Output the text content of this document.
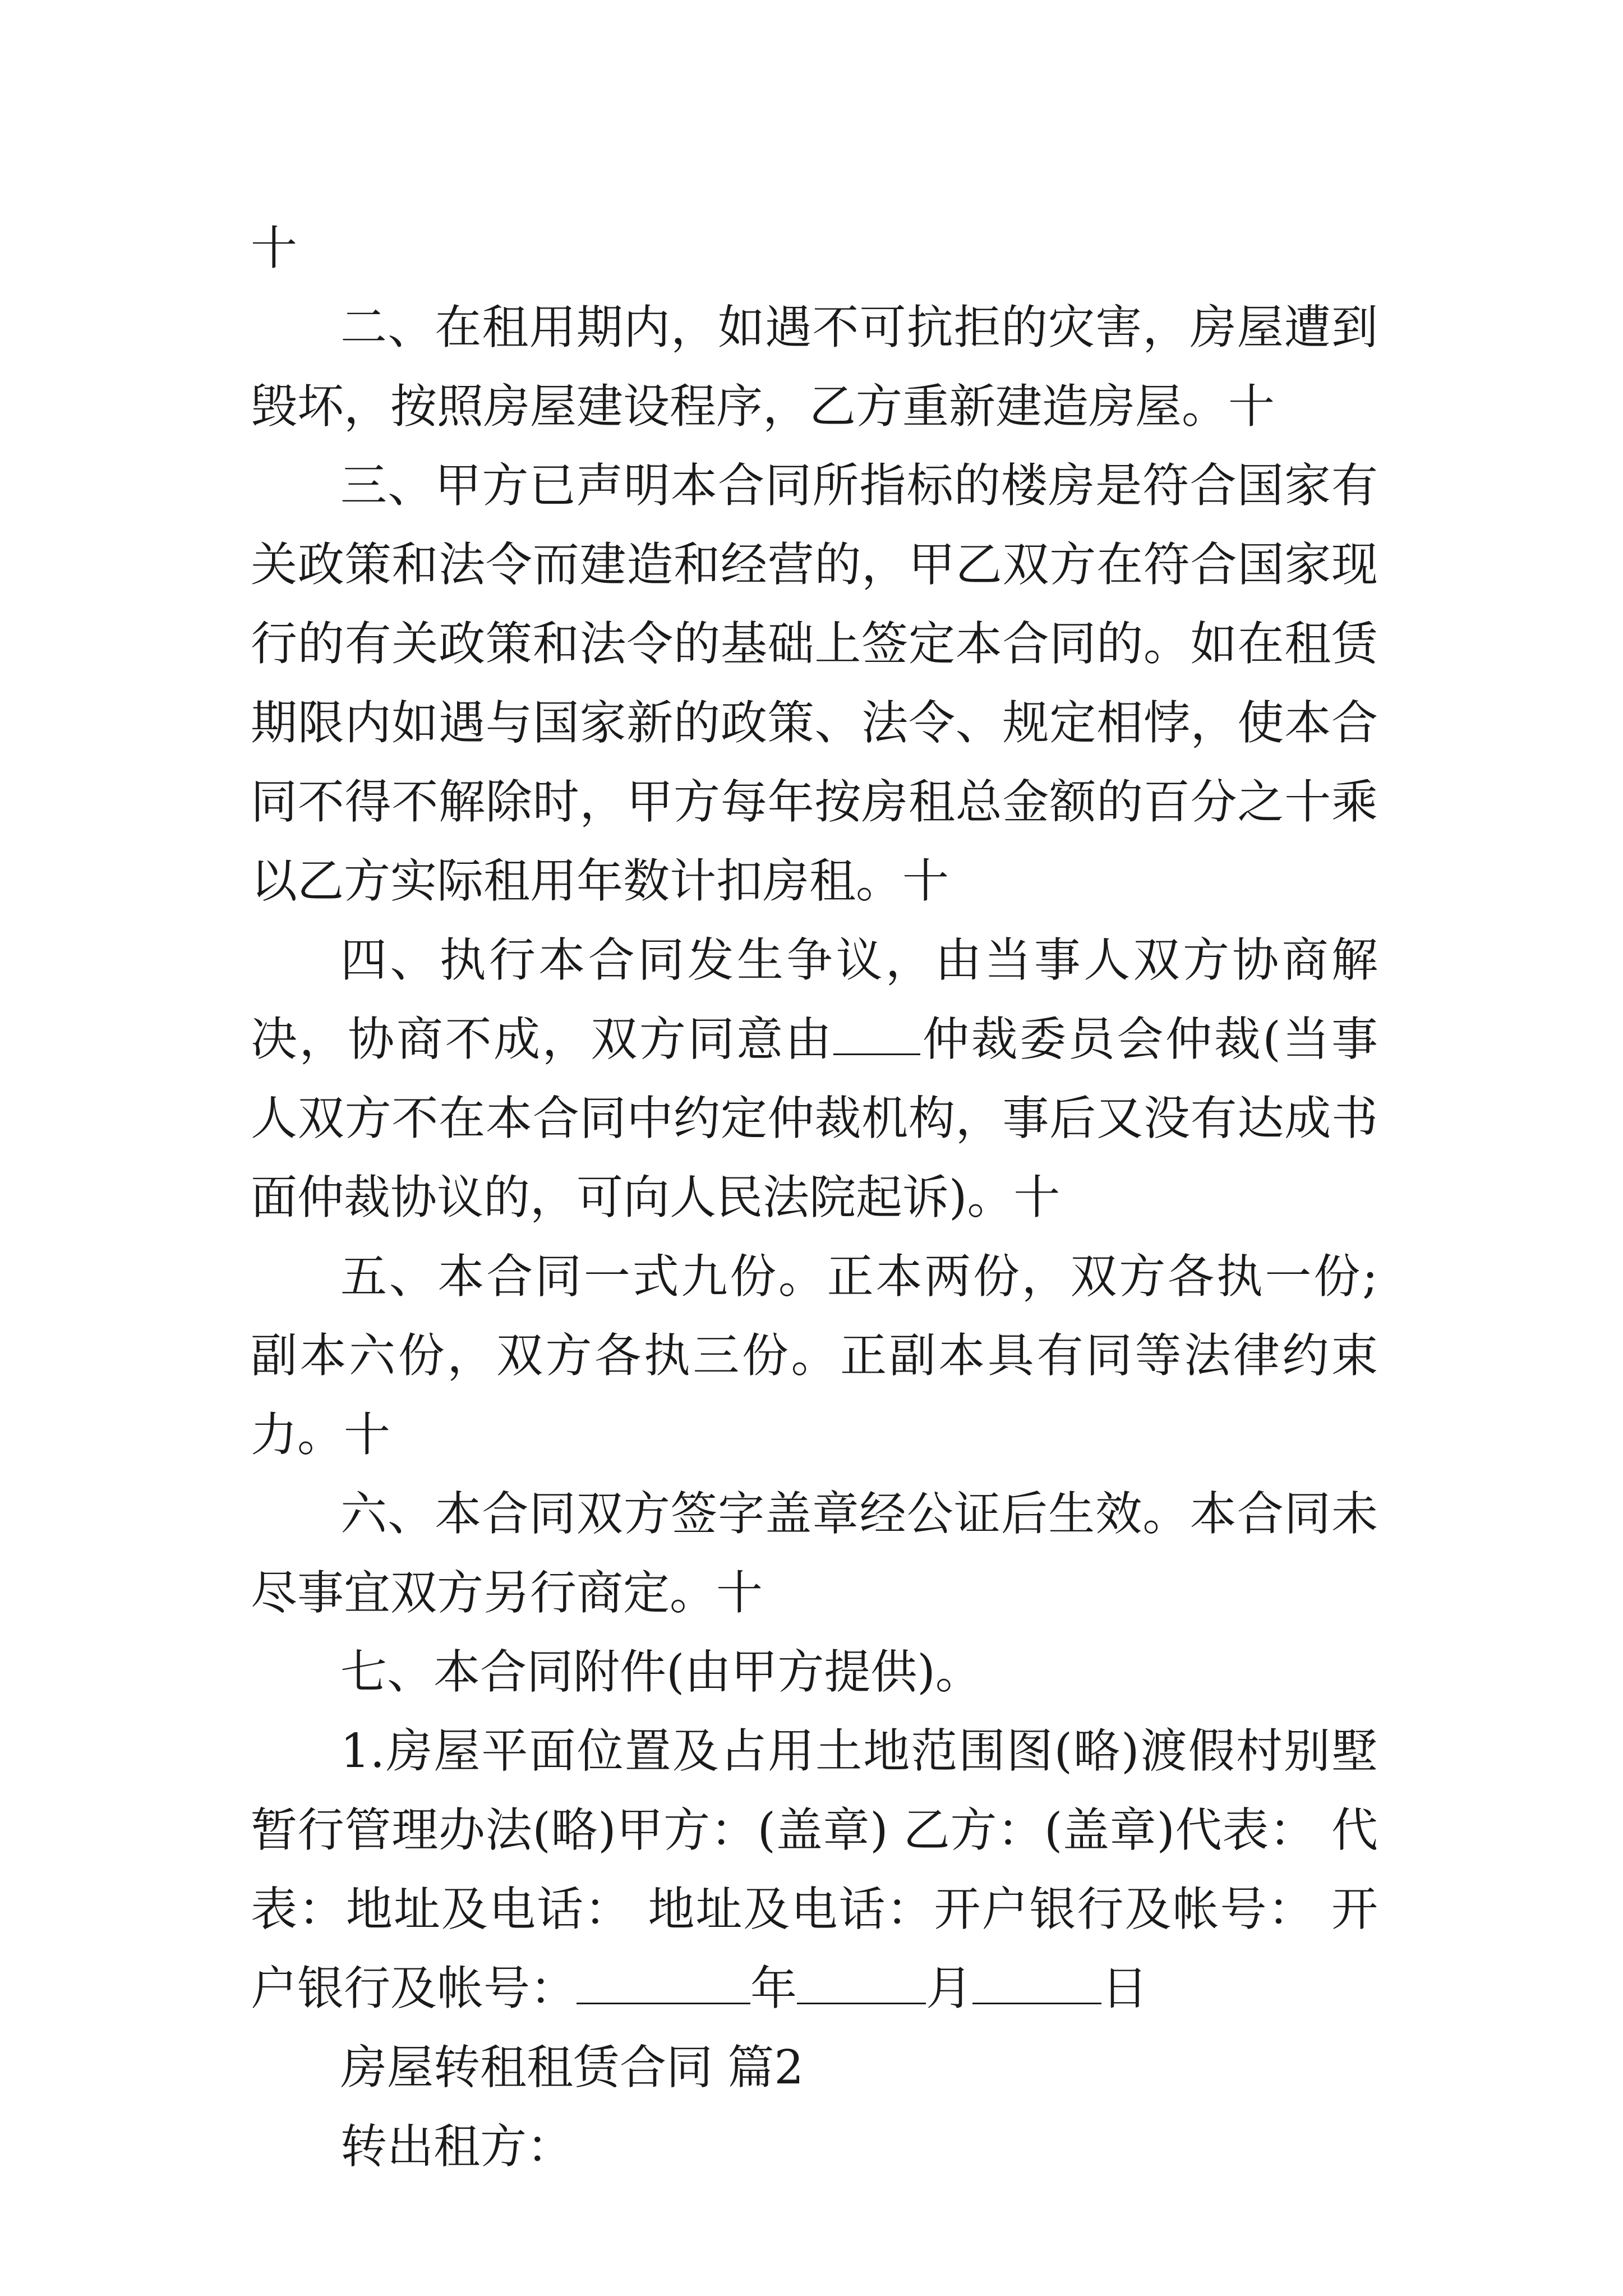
十

二、在租用期内，如遇不可抗拒的灾害，房屋遭到毁坏，按照房屋建设程序，乙方重新建造房屋。十

三、甲方已声明本合同所指标的楼房是符合国家有关政策和法令而建造和经营的，甲乙双方在符合国家现行的有关政策和法令的基础上签定本合同的。如在租赁期限内如遇与国家新的政策、法令、规定相悖，使本合同不得不解除时，甲方每年按房租总金额的百分之十乘以乙方实际租用年数计扣房租。十

四、执行本合同发生争议，由当事人双方协商解决，协商不成，双方同意由 仲裁委员会仲裁(当事人双方不在本合同中约定仲裁机构，事后又没有达成书面仲裁协议的，可向人民法院起诉)。十

五、本合同一式九份。正本两份，双方各执一份;副本六份，双方各执三份。正副本具有同等法律约束力。十

六、本合同双方签字盖章经公证后生效。本合同未尽事宜双方另行商定。十

七、本合同附件(由甲方提供)。

1.房屋平面位置及占用土地范围图(略)渡假村别墅暂行管理办法(略)甲方：(盖章) 乙方：(盖章)代表： 代表：地址及电话： 地址及电话：开户银行及帐号： 开户银行及帐号：	年	月	日

房屋转租租赁合同 篇2

转出租方：
